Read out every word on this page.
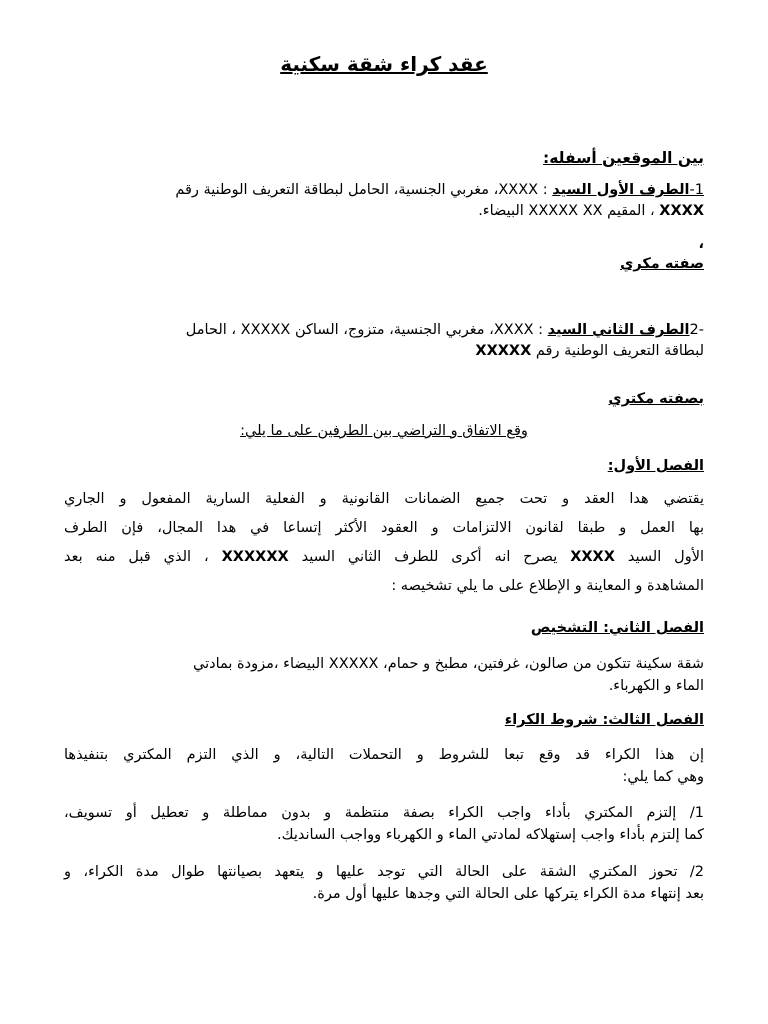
عقد كراء شقة سكنية
بين الموقعين أسفله:
1-الطرف الأول السيد : XXXX، مغربي الجنسية، الحامل لبطاقة التعريف الوطنية رقم
XXXX ، المقيم XXXXX XX البيضاء.
،
صفته مكري
-2الطرف الثاني السيد : XXXX، مغربي الجنسية، متزوج، الساكن XXXXX ، الحامل
لبطاقة التعريف الوطنية رقم XXXXX
بصفته مكتري
وقع الاتفاق و التراضي بين الطرفين على ما يلي:
الفصل الأول:
يقتضي هدا العقد و تحت جميع الضمانات القانونية و الفعلية السارية المفعول و الجاري
بها العمل و طبقا لقانون الالتزامات و العقود الأكثر إتساعا في هدا المجال، فإن الطرف
الأول السيد XXXX يصرح انه أكرى للطرف الثاني السيد XXXXXX ، الذي قبل منه بعد
المشاهدة و المعاينة و الإطلاع على ما يلي تشخيصه :
الفصل الثاني: التشخيص
شقة سكينة تتكون من صالون، غرفتين، مطبخ و حمام، XXXXX البيضاء ،مزودة بمادتي
الماء و الكهرباء.
الفصل الثالث: شروط الكراء
إن هذا الكراء قد وقع تبعا للشروط و التحملات التالية، و الذي التزم المكتري بتنفيذها
وهي كما يلي:
1/ إلتزم المكتري بأداء واجب الكراء بصفة منتظمة و بدون مماطلة و تعطيل أو تسويف،
كما إلتزم بأداء واجب إستهلاكه لمادتي الماء و الكهرباء وواجب السانديك.
2/ تحوز المكتري الشقة على الحالة التي توجد عليها و يتعهد بصيانتها طوال مدة الكراء، و
بعد إنتهاء مدة الكراء يتركها على الحالة التي وجدها عليها أول مرة.
